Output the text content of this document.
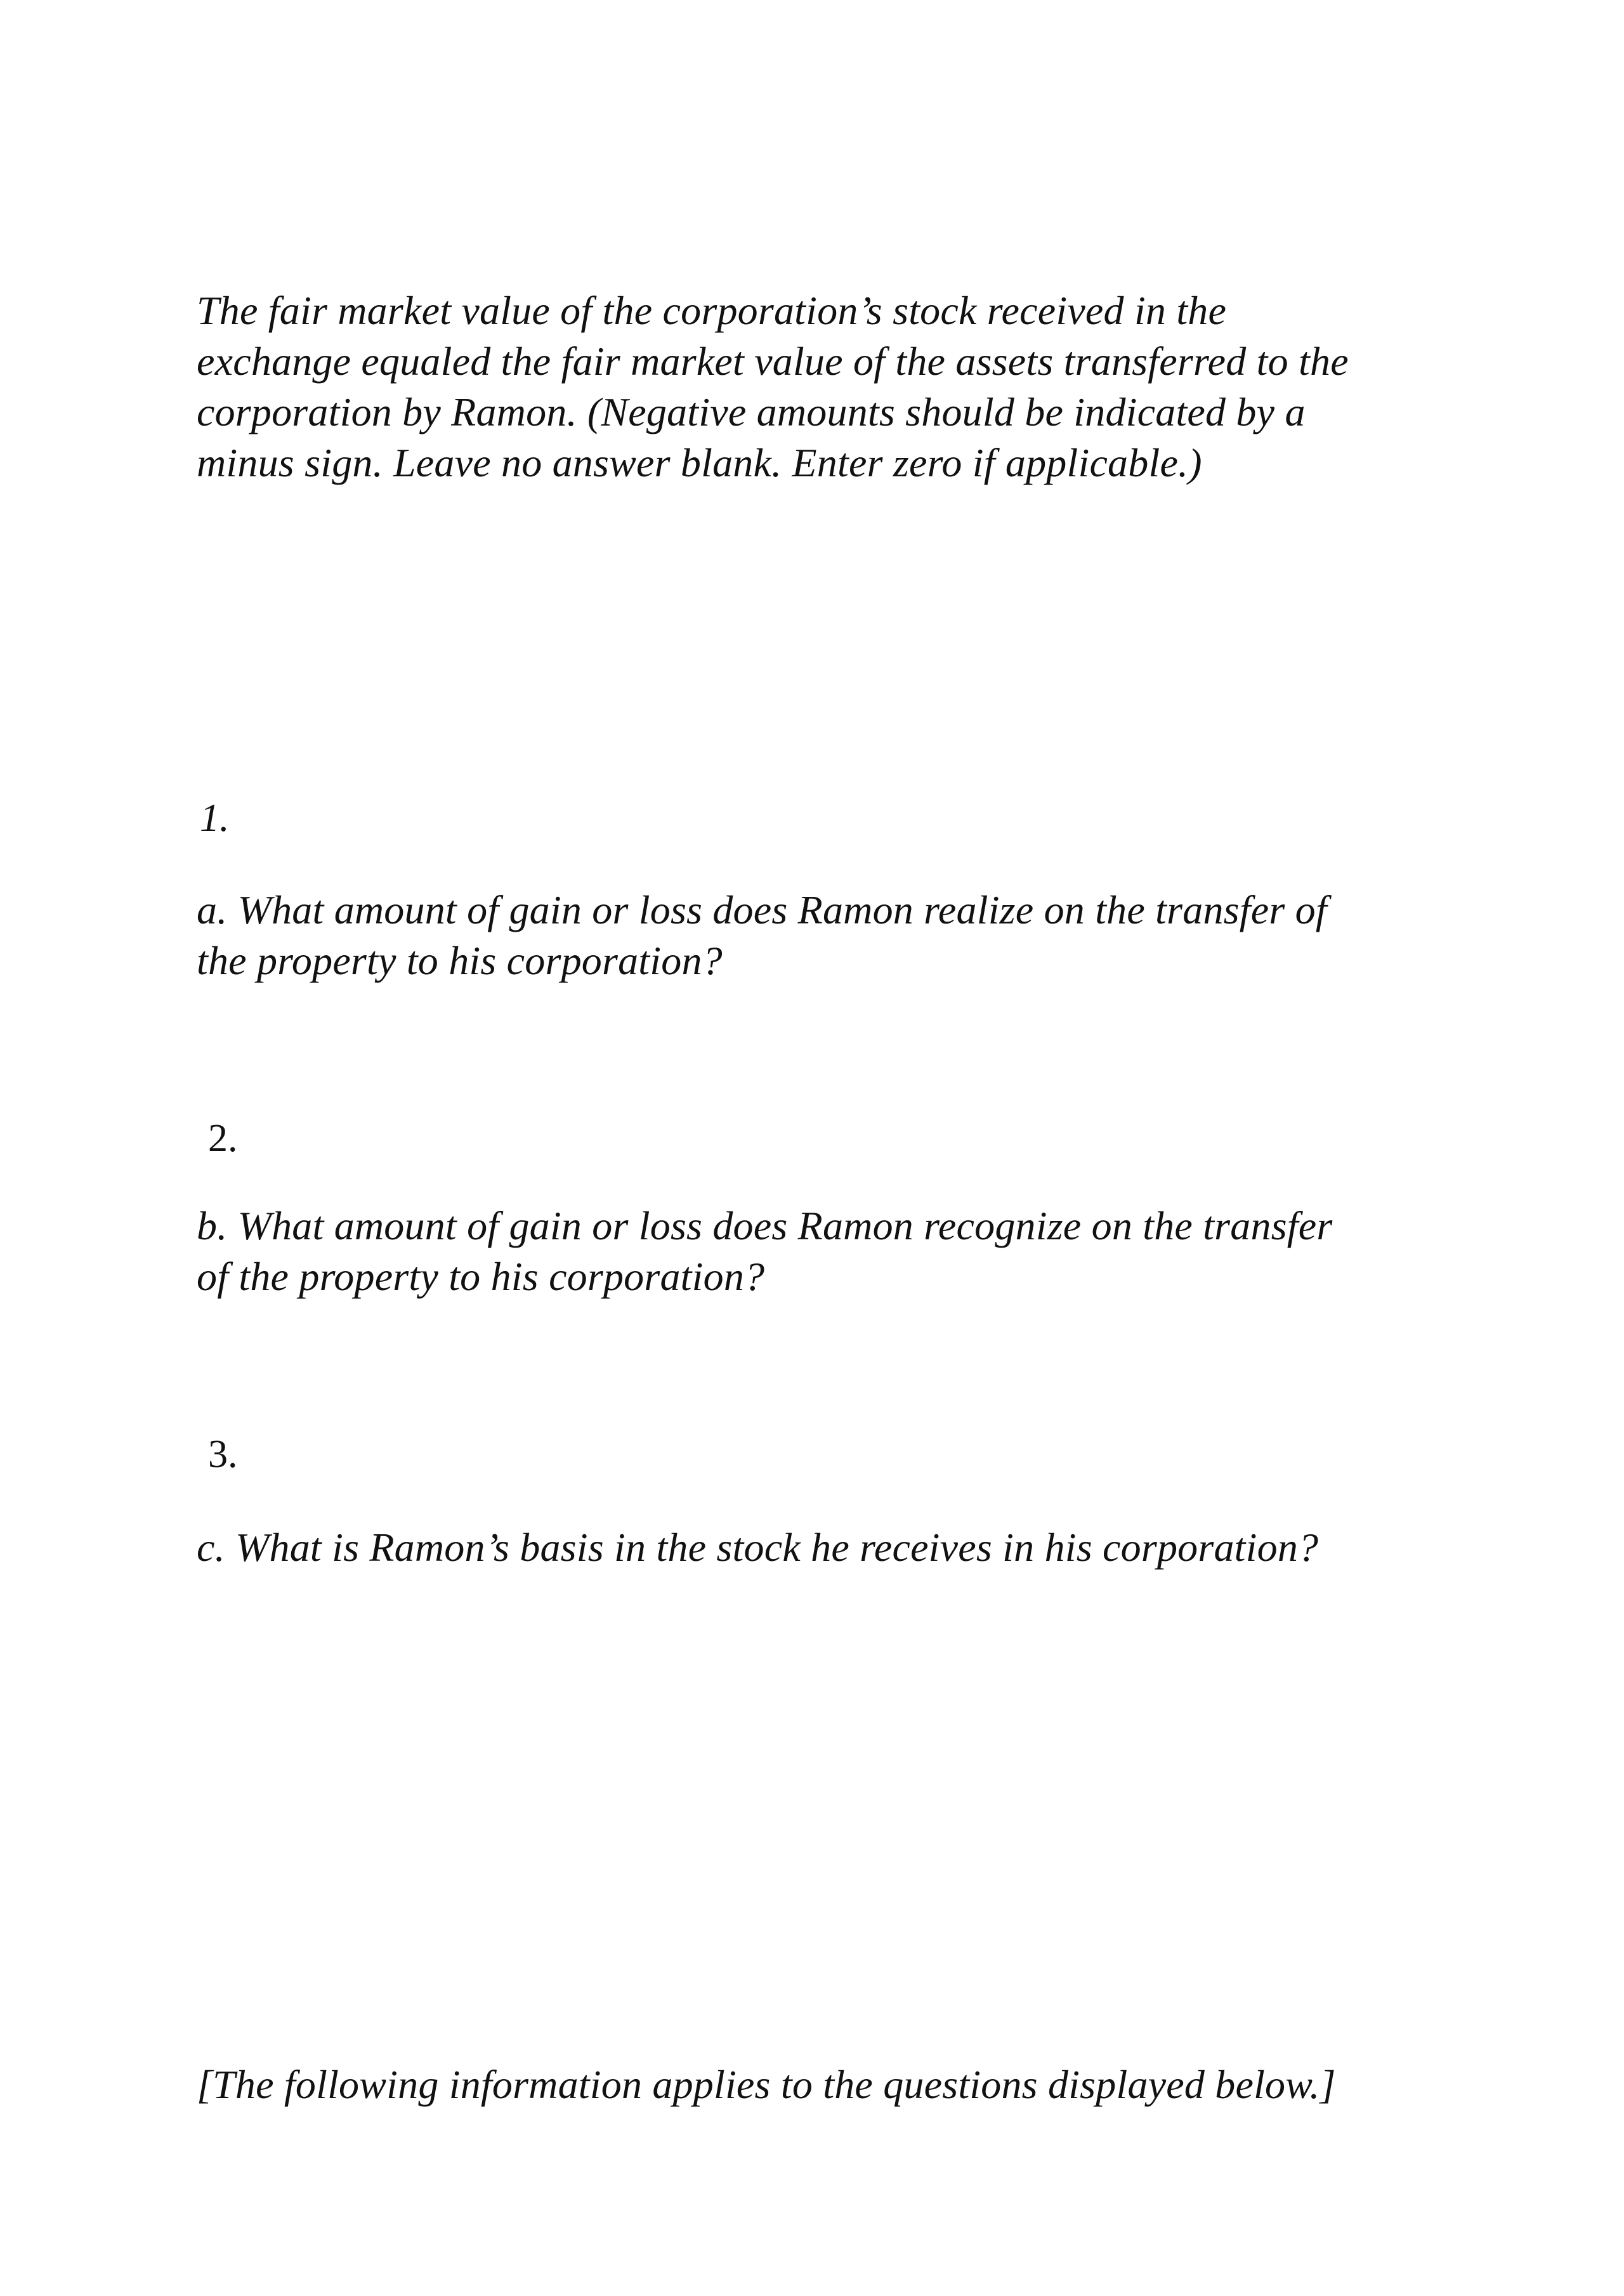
The fair market value of the corporation’s stock received in the
exchange equaled the fair market value of the assets transferred to the
corporation by Ramon. (Negative amounts should be indicated by a
minus sign. Leave no answer blank. Enter zero if applicable.)
1.
a. What amount of gain or loss does Ramon realize on the transfer of
the property to his corporation?
2.
b. What amount of gain or loss does Ramon recognize on the transfer
of the property to his corporation?
3.
c. What is Ramon’s basis in the stock he receives in his corporation?
[The following information applies to the questions displayed below.]
